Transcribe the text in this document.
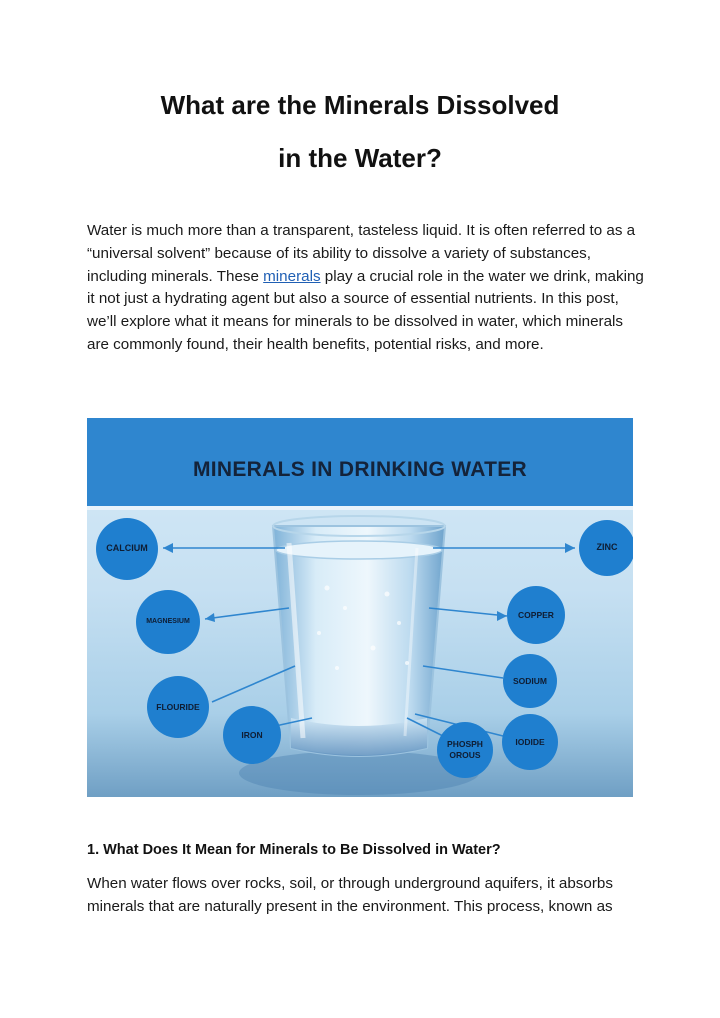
What are the Minerals Dissolved
in the Water?
Water is much more than a transparent, tasteless liquid. It is often referred to as a “universal solvent” because of its ability to dissolve a variety of substances, including minerals. These minerals play a crucial role in the water we drink, making it not just a hydrating agent but also a source of essential nutrients. In this post, we’ll explore what it means for minerals to be dissolved in water, which minerals are commonly found, their health benefits, potential risks, and more.
MINERALS IN DRINKING WATER
CALCIUM
MAGNESIUM
FLOURIDE
IRON
ZINC
COPPER
SODIUM
PHOSPH
OROUS
IODIDE
1. What Does It Mean for Minerals to Be Dissolved in Water?
When water flows over rocks, soil, or through underground aquifers, it absorbs minerals that are naturally present in the environment. This process, known as
